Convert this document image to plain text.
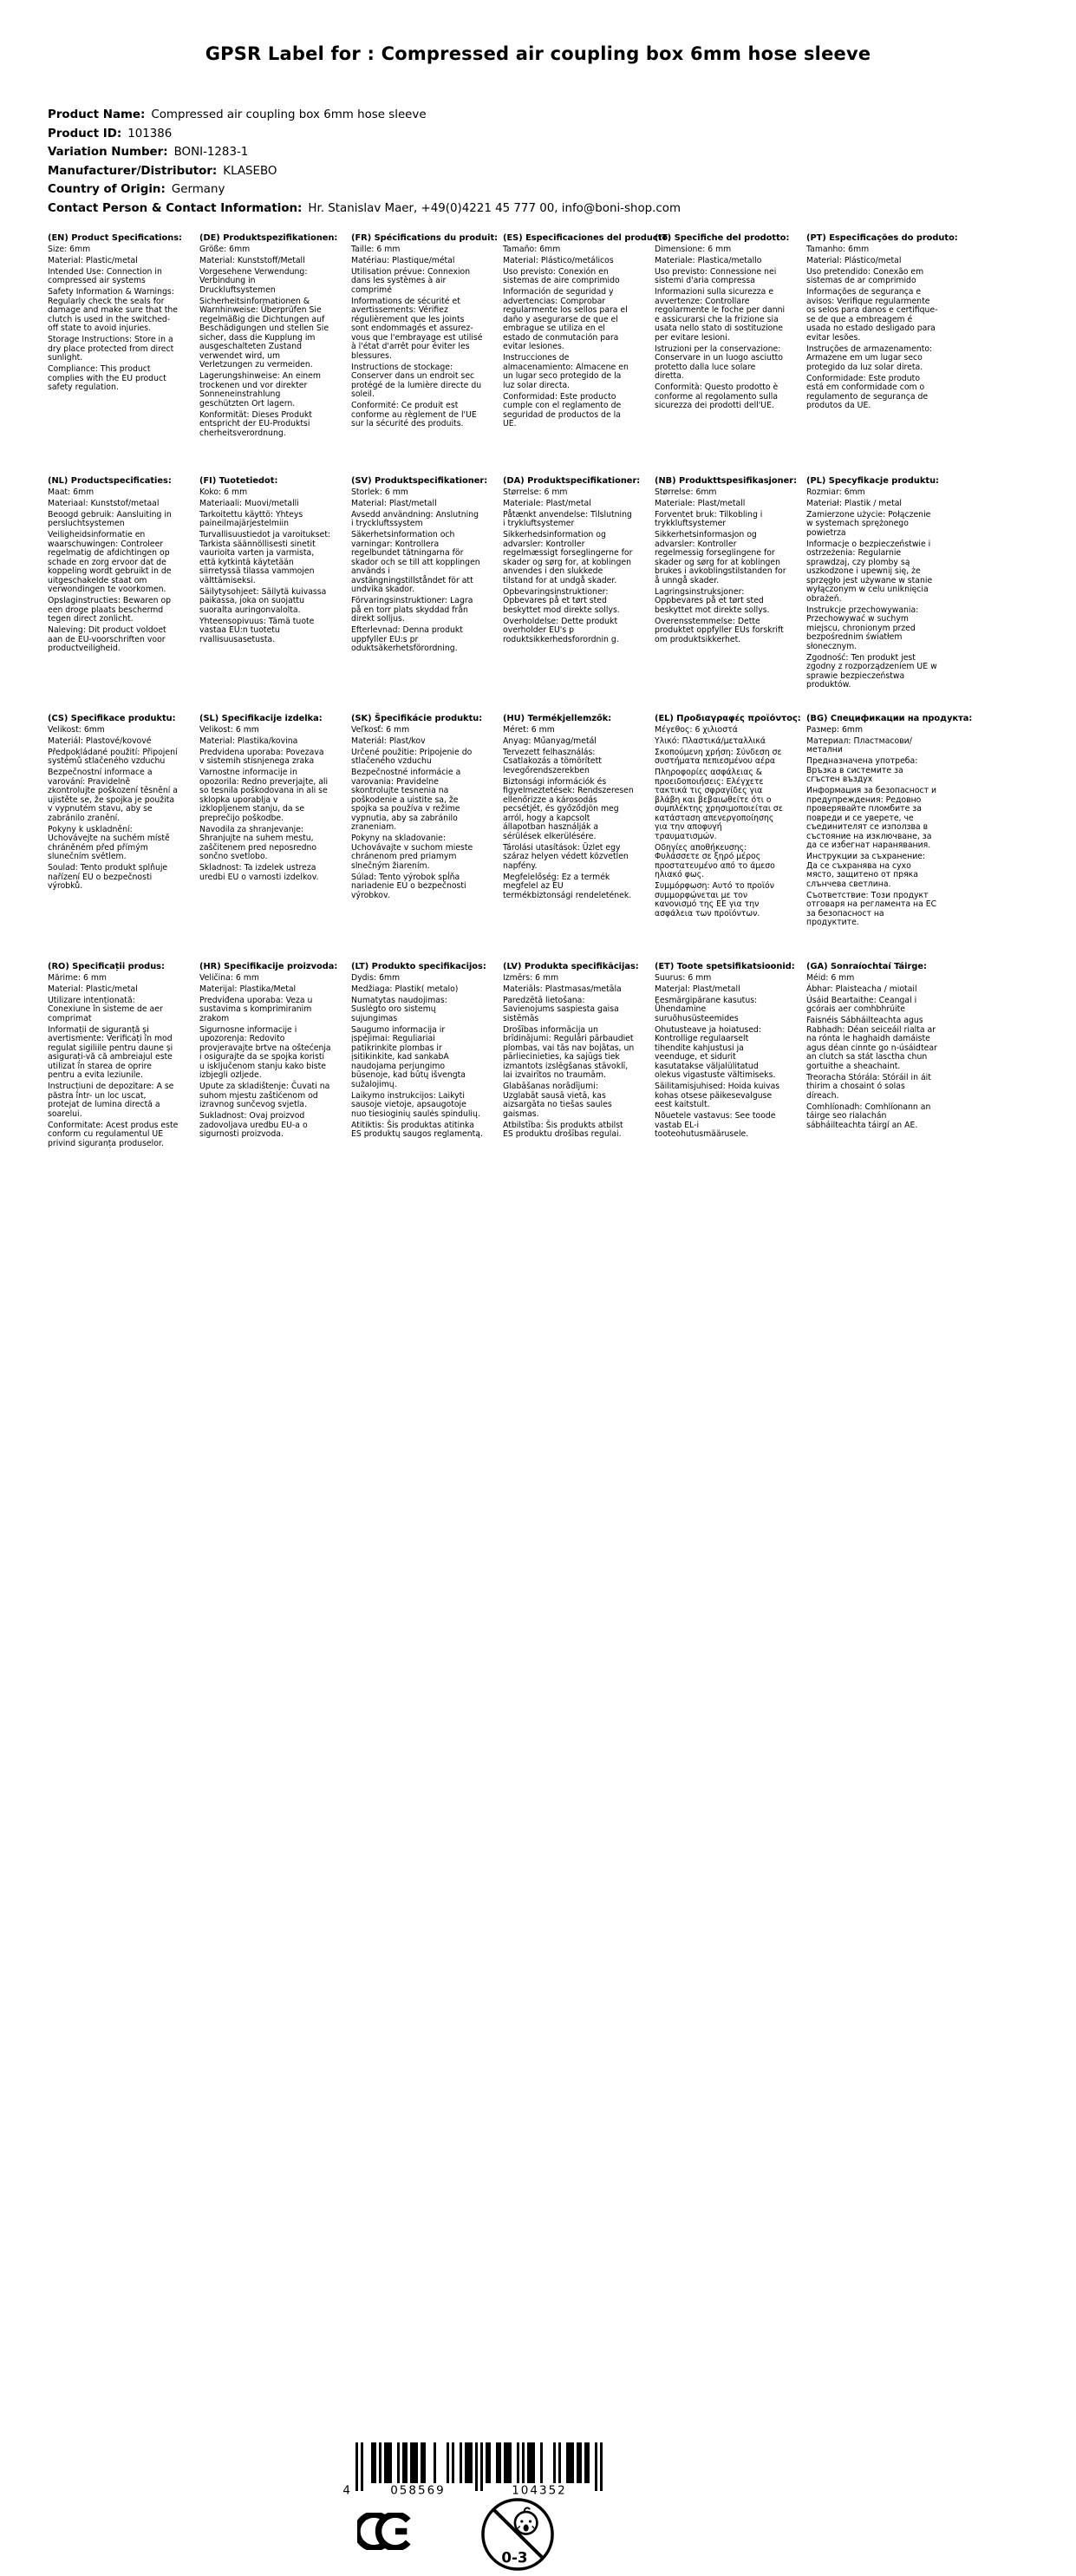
GPSR Label for : Compressed air coupling box 6mm hose sleeve
Product Name: Compressed air coupling box 6mm hose sleeve
Product ID: 101386
Variation Number: BONI-1283-1
Manufacturer/Distributor: KLASEBO
Country of Origin: Germany
Contact Person & Contact Information: Hr. Stanislav Maer, +49(0)4221 45 777 00, info@boni-shop.com
(EN) Product Specifications:

Size: 6mm

Material: Plastic/metal

Intended Use: Connection in compressed air systems

Safety Information & Warnings: Regularly check the seals for damage and make sure that the clutch is used in the switched-off state to avoid injuries.

Storage Instructions: Store in a dry place protected from direct sunlight.

Compliance: This product complies with the EU product safety regulation.

(DE) Produktspezifikationen:

Größe: 6mm

Material: Kunststoff/Metall

Vorgesehene Verwendung: Verbindung in Druckluftsystemen

Sicherheitsinformationen & Warnhinweise: Überprüfen Sie regelmäßig die Dichtungen auf Beschädigungen und stellen Sie sicher, dass die Kupplung im ausgeschalteten Zustand verwendet wird, um Verletzungen zu vermeiden.

Lagerungshinweise: An einem trockenen und vor direkter Sonneneinstrahlung geschützten Ort lagern.

Konformität: Dieses Produkt entspricht der EU-Produktsi cherheitsverordnung.

(FR) Spécifications du produit:

Taille: 6 mm

Matériau: Plastique/métal

Utilisation prévue: Connexion dans les systèmes à air comprimé

Informations de sécurité et avertissements: Vérifiez régulièrement que les joints sont endommagés et assurez-vous que l'embrayage est utilisé à l'état d'arrêt pour éviter les blessures.

Instructions de stockage: Conserver dans un endroit sec protégé de la lumière directe du soleil.

Conformité: Ce produit est conforme au règlement de l'UE sur la sécurité des produits.

(ES) Especificaciones del producto:

Tamaño: 6mm

Material: Plástico/metálicos

Uso previsto: Conexión en sistemas de aire comprimido

Información de seguridad y advertencias: Comprobar regularmente los sellos para el daño y asegurarse de que el embrague se utiliza en el estado de conmutación para evitar lesiones.

Instrucciones de almacenamiento: Almacene en un lugar seco protegido de la luz solar directa.

Conformidad: Este producto cumple con el reglamento de seguridad de productos de la UE.

(IT) Specifiche del prodotto:

Dimensione: 6 mm

Materiale: Plastica/metallo

Uso previsto: Connessione nei sistemi d'aria compressa

Informazioni sulla sicurezza e avvertenze: Controllare regolarmente le foche per danni e assicurarsi che la frizione sia usata nello stato di sostituzione per evitare lesioni.

Istruzioni per la conservazione: Conservare in un luogo asciutto protetto dalla luce solare diretta.

Conformità: Questo prodotto è conforme al regolamento sulla sicurezza dei prodotti dell'UE.

(PT) Especificações do produto:

Tamanho: 6mm

Material: Plástico/metal

Uso pretendido: Conexão em sistemas de ar comprimido

Informações de segurança e avisos: Verifique regularmente os selos para danos e certifique-se de que a embreagem é usada no estado desligado para evitar lesões.

Instruções de armazenamento: Armazene em um lugar seco protegido da luz solar direta.

Conformidade: Este produto está em conformidade com o regulamento de segurança de produtos da UE.

(NL) Productspecificaties:

Maat: 6mm

Materiaal: Kunststof/metaal

Beoogd gebruik: Aansluiting in persluchtsystemen

Veiligheidsinformatie en waarschuwingen: Controleer regelmatig de afdichtingen op schade en zorg ervoor dat de koppeling wordt gebruikt in de uitgeschakelde staat om verwondingen te voorkomen.

Opslaginstructies: Bewaren op een droge plaats beschermd tegen direct zonlicht.

Naleving: Dit product voldoet aan de EU-voorschriften voor productveiligheid.

(FI) Tuotetiedot:

Koko: 6 mm

Materiaali: Muovi/metalli

Tarkoitettu käyttö: Yhteys paineilmajärjestelmiin

Turvallisuustiedot ja varoitukset: Tarkista säännöllisesti sinetit vaurioita varten ja varmista, että kytkintä käytetään siirretyssä tilassa vammojen välttämiseksi.

Säilytysohjeet: Säilytä kuivassa paikassa, joka on suojattu suoralta auringonvalolta.

Yhteensopivuus: Tämä tuote vastaa EU:n tuotetu rvallisuusasetusta.

(SV) Produktspecifikationer:

Storlek: 6 mm

Material: Plast/metall

Avsedd användning: Anslutning i tryckluftssystem

Säkerhetsinformation och varningar: Kontrollera regelbundet tätningarna för skador och se till att kopplingen används i avstängningstillståndet för att undvika skador.

Förvaringsinstruktioner: Lagra på en torr plats skyddad från direkt solljus.

Efterlevnad: Denna produkt uppfyller EU:s pr oduktsäkerhetsförordning.

(DA) Produktspecifikationer:

Størrelse: 6 mm

Materiale: Plast/metal

Påtænkt anvendelse: Tilslutning i trykluftsystemer

Sikkerhedsinformation og advarsler: Kontroller regelmæssigt forseglingerne for skader og sørg for, at koblingen anvendes i den slukkede tilstand for at undgå skader.

Opbevaringsinstruktioner: Opbevares på et tørt sted beskyttet mod direkte sollys.

Overholdelse: Dette produkt overholder EU's p roduktsikkerhedsforordnin g.

(NB) Produkttspesifikasjoner:

Størrelse: 6mm

Materiale: Plast/metall

Forventet bruk: Tilkobling i trykkluftsystemer

Sikkerhetsinformasjon og advarsler: Kontroller regelmessig forseglingene for skader og sørg for at koblingen brukes i avkoblingstilstanden for å unngå skader.

Lagringsinstruksjoner: Oppbevares på et tørt sted beskyttet mot direkte sollys.

Overensstemmelse: Dette produktet oppfyller EUs forskrift om produktsikkerhet.

(PL) Specyfikacje produktu:

Rozmiar: 6mm

Materiał: Plastik / metal

Zamierzone użycie: Połączenie w systemach sprężonego powietrza

Informacje o bezpieczeństwie i ostrzeżenia: Regularnie sprawdzaj, czy plomby są uszkodzone i upewnij się, że sprzęgło jest używane w stanie wyłączonym w celu uniknięcia obrażeń.

Instrukcje przechowywania: Przechowywać w suchym miejscu, chronionym przed bezpośrednim światłem słonecznym.

Zgodność: Ten produkt jest zgodny z rozporządzeniem UE w sprawie bezpieczeństwa produktów.

(CS) Specifikace produktu:

Velikost: 6mm

Materiál: Plastové/kovové

Předpokládané použití: Připojení systémů stlačeného vzduchu

Bezpečnostní informace a varování: Pravidelně zkontrolujte poškození těsnění a ujistěte se, že spojka je použita v vypnutém stavu, aby se zabránilo zranění.

Pokyny k uskladnění: Uchovávejte na suchém místě chráněném před přímým slunečním světlem.

Soulad: Tento produkt splňuje nařízení EU o bezpečnosti výrobků.

(SL) Specifikacije izdelka:

Velikost: 6 mm

Material: Plastika/kovina

Predvidena uporaba: Povezava v sistemih stisnjenega zraka

Varnostne informacije in opozorila: Redno preverjajte, ali so tesnila poškodovana in ali se sklopka uporablja v izklopljenem stanju, da se preprečijo poškodbe.

Navodila za shranjevanje: Shranjujte na suhem mestu, zaščitenem pred neposredno sončno svetlobo.

Skladnost: Ta izdelek ustreza uredbi EU o varnosti izdelkov.

(SK) Špecifikácie produktu:

Veľkosť: 6 mm

Materiál: Plast/kov

Určené použitie: Pripojenie do stlačeného vzduchu

Bezpečnostné informácie a varovania: Pravidelne skontrolujte tesnenia na poškodenie a uistite sa, že spojka sa používa v režime vypnutia, aby sa zabránilo zraneniam.

Pokyny na skladovanie: Uchovávajte v suchom mieste chránenom pred priamym slnečným žiarením.

Súlad: Tento výrobok spĺňa nariadenie EÚ o bezpečnosti výrobkov.

(HU) Termékjellemzők:

Méret: 6 mm

Anyag: Műanyag/metál

Tervezett felhasználás: Csatlakozás a tömörített levegőrendszerekben

Biztonsági információk és figyelmeztetések: Rendszeresen ellenőrizze a károsodás pecsétjét, és győződjön meg arról, hogy a kapcsolt állapotban használják a sérülések elkerülésére.

Tárolási utasítások: Üzlet egy száraz helyen védett közvetlen napfény.

Megfelelőség: Ez a termék megfelel az EU termékbiztonsági rendeletének.

(EL) Προδιαγραφές προϊόντος:

Μέγεθος: 6 χιλιοστά

Υλικό: Πλαστικά/μεταλλικά

Σκοπούμενη χρήση: Σύνδεση σε συστήματα πεπιεσμένου αέρα

Πληροφορίες ασφάλειας & προειδοποιήσεις: Ελέγχετε τακτικά τις σφραγίδες για βλάβη και βεβαιωθείτε ότι ο συμπλέκτης χρησιμοποιείται σε κατάσταση απενεργοποίησης για την αποφυγή τραυματισμών.

Οδηγίες αποθήκευσης: Φυλάσσετε σε ξηρό μέρος προστατευμένο από το άμεσο ηλιακό φως.

Συμμόρφωση: Αυτό το προϊόν συμμορφώνεται με τον κανονισμό της ΕΕ για την ασφάλεια των προϊόντων.

(BG) Спецификации на продукта:

Размер: 6mm

Материал: Пластмасови/метални

Предназначена употреба: Връзка в системите за сгъстен въздух

Информация за безопасност и предупреждения: Редовно проверявайте пломбите за повреди и се уверете, че съединителят се използва в състояние на изключване, за да се избегнат наранявания.

Инструкции за съхранение: Да се съхранява на сухо място, защитено от пряка слънчева светлина.

Съответствие: Този продукт отговаря на регламента на ЕС за безопасност на продуктите.

(RO) Specificații produs:

Mărime: 6 mm

Material: Plastic/metal

Utilizare intenționată: Conexiune în sisteme de aer comprimat

Informații de siguranță și avertismente: Verificați în mod regulat sigiliile pentru daune și asigurați-vă că ambreiajul este utilizat în starea de oprire pentru a evita leziunile.

Instrucțiuni de depozitare: A se păstra într- un loc uscat, protejat de lumina directă a soarelui.

Conformitate: Acest produs este conform cu regulamentul UE privind siguranța produselor.

(HR) Specifikacije proizvoda:

Veličina: 6 mm

Materijal: Plastika/Metal

Predviđena uporaba: Veza u sustavima s komprimiranim zrakom

Sigurnosne informacije i upozorenja: Redovito provjeravajte brtve na oštećenja i osigurajte da se spojka koristi u isključenom stanju kako biste izbjegli ozljede.

Upute za skladištenje: Čuvati na suhom mjestu zaštićenom od izravnog sunčevog svjetla.

Sukladnost: Ovaj proizvod zadovoljava uredbu EU-a o sigurnosti proizvoda.

(LT) Produkto specifikacijos:

Dydis: 6mm

Medžiaga: Plastik( metalo)

Numatytas naudojimas: Suslėgto oro sistemų sujungimas

Saugumo informacija ir įspėjimai: Reguliariai patikrinkite plombas ir įsitikinkite, kad sankabA naudojama perjungimo būsenoje, kad būtų išvengta sužalojimų.

Laikymo instrukcijos: Laikyti sausoje vietoje, apsaugotoje nuo tiesioginių saulės spindulių.

Atitiktis: Šis produktas atitinka ES produktų saugos reglamentą.

(LV) Produkta specifikācijas:

Izmērs: 6 mm

Materiāls: Plastmasas/metāla

Paredzētā lietošana: Savienojums saspiesta gaisa sistēmās

Drošības informācija un brīdinājumi: Regulāri pārbaudiet plombas, vai tās nav bojātas, un pārliecinieties, ka sajūgs tiek izmantots izslēgšanas stāvoklī, lai izvairītos no traumām.

Glabāšanas norādījumi: Uzglabāt sausā vietā, kas aizsargāta no tiešas saules gaismas.

Atbilstība: Šis produkts atbilst ES produktu drošības regulai.

(ET) Toote spetsifikatsioonid:

Suurus: 6 mm

Materjal: Plast/metall

Eesmärgipärane kasutus: Ühendamine suruõhusüsteemides

Ohutusteave ja hoiatused: Kontrollige regulaarselt tihendite kahjustusi ja veenduge, et sidurit kasutatakse väljalülitatud olekus vigastuste vältimiseks.

Säilitamisjuhised: Hoida kuivas kohas otsese päikesevalguse eest kaitstult.

Nõuetele vastavus: See toode vastab EL-i tooteohutusmäärusele.

(GA) Sonraíochtaí Táirge:

Méid: 6 mm

Ábhar: Plaisteacha / miotail

Úsáid Beartaithe: Ceangal i gcórais aer comhbhrúite

Faisnéis Sábháilteachta agus Rabhadh: Déan seiceáil rialta ar na rónta le haghaidh damáiste agus déan cinnte go n-úsáidtear an clutch sa stát lasctha chun gortuithe a sheachaint.

Treoracha Stórála: Stóráil in áit thirim a chosaint ó solas díreach.

Comhlíonadh: Comhlíonann an táirge seo rialachán sábháilteachta táirgí an AE.

4	058569	104352
0-3
